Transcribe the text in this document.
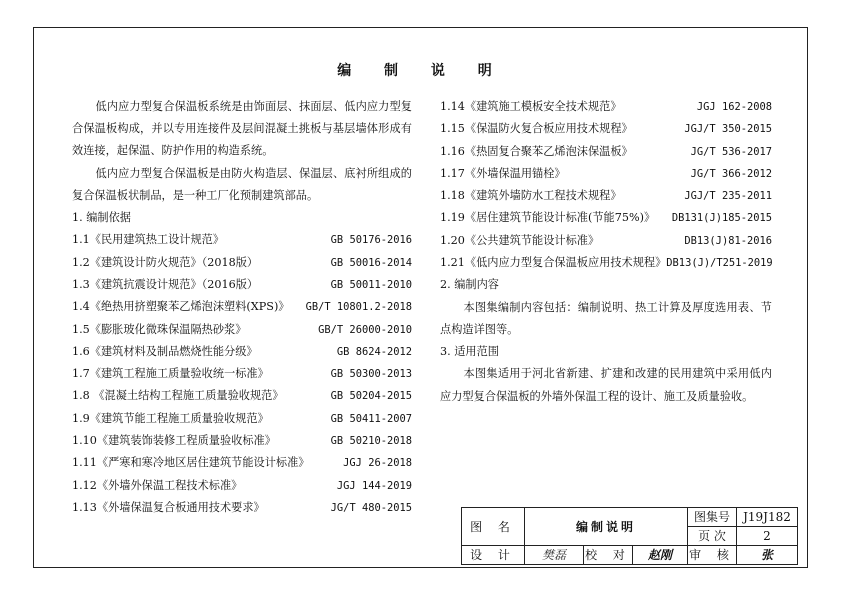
编 制 说 明

低内应力型复合保温板系统是由饰面层、抹面层、低内应力型复合保温板构成，并以专用连接件及层间混凝土挑板与基层墙体形成有效连接，起保温、防护作用的构造系统。

低内应力型复合保温板是由防火构造层、保温层、底衬所组成的复合保温板状制品，是一种工厂化预制建筑部品。

1. 编制依据
1.1《民用建筑热工设计规范》	GB 50176-2016
1.2《建筑设计防火规范》（2018版）	GB 50016-2014
1.3《建筑抗震设计规范》（2016版）	GB 50011-2010
1.4《绝热用挤塑聚苯乙烯泡沫塑料(XPS)》 GB/T 10801.2-2018
1.5《膨胀玻化微珠保温隔热砂浆》	GB/T 26000-2010
1.6《建筑材料及制品燃烧性能分级》	GB 8624-2012
1.7《建筑工程施工质量验收统一标准》	GB 50300-2013
1.8 《混凝土结构工程施工质量验收规范》	GB 50204-2015
1.9《建筑节能工程施工质量验收规范》	GB 50411-2007
1.10《建筑装饰装修工程质量验收标准》	GB 50210-2018
1.11《严寒和寒冷地区居住建筑节能设计标准》	JGJ 26-2018
1.12《外墙外保温工程技术标准》	JGJ 144-2019
1.13《外墙保温复合板通用技术要求》	JG/T 480-2015
1.14《建筑施工模板安全技术规范》	JGJ 162-2008
1.15《保温防火复合板应用技术规程》	JGJ/T 350-2015
1.16《热固复合聚苯乙烯泡沫保温板》	JG/T 536-2017
1.17《外墙保温用锚栓》	JG/T 366-2012
1.18《建筑外墙防水工程技术规程》	JGJ/T 235-2011
1.19《居住建筑节能设计标准(节能75%)》 DB131(J)185-2015
1.20《公共建筑节能设计标准》	DB13(J)81-2016
1.21《低内应力型复合保温板应用技术规程》 DB13(J)/T251-2019
2. 编制内容

本图集编制内容包括：编制说明、热工计算及厚度选用表、节点构造详图等。

3. 适用范围

本图集适用于河北省新建、扩建和改建的民用建筑中采用低内应力型复合保温板的外墙外保温工程的设计、施工及质量验收。

图 名	编制说明			图集号	J19J182
				页 次	2
设 计	樊磊	校 对	赵刚	审 核	张
